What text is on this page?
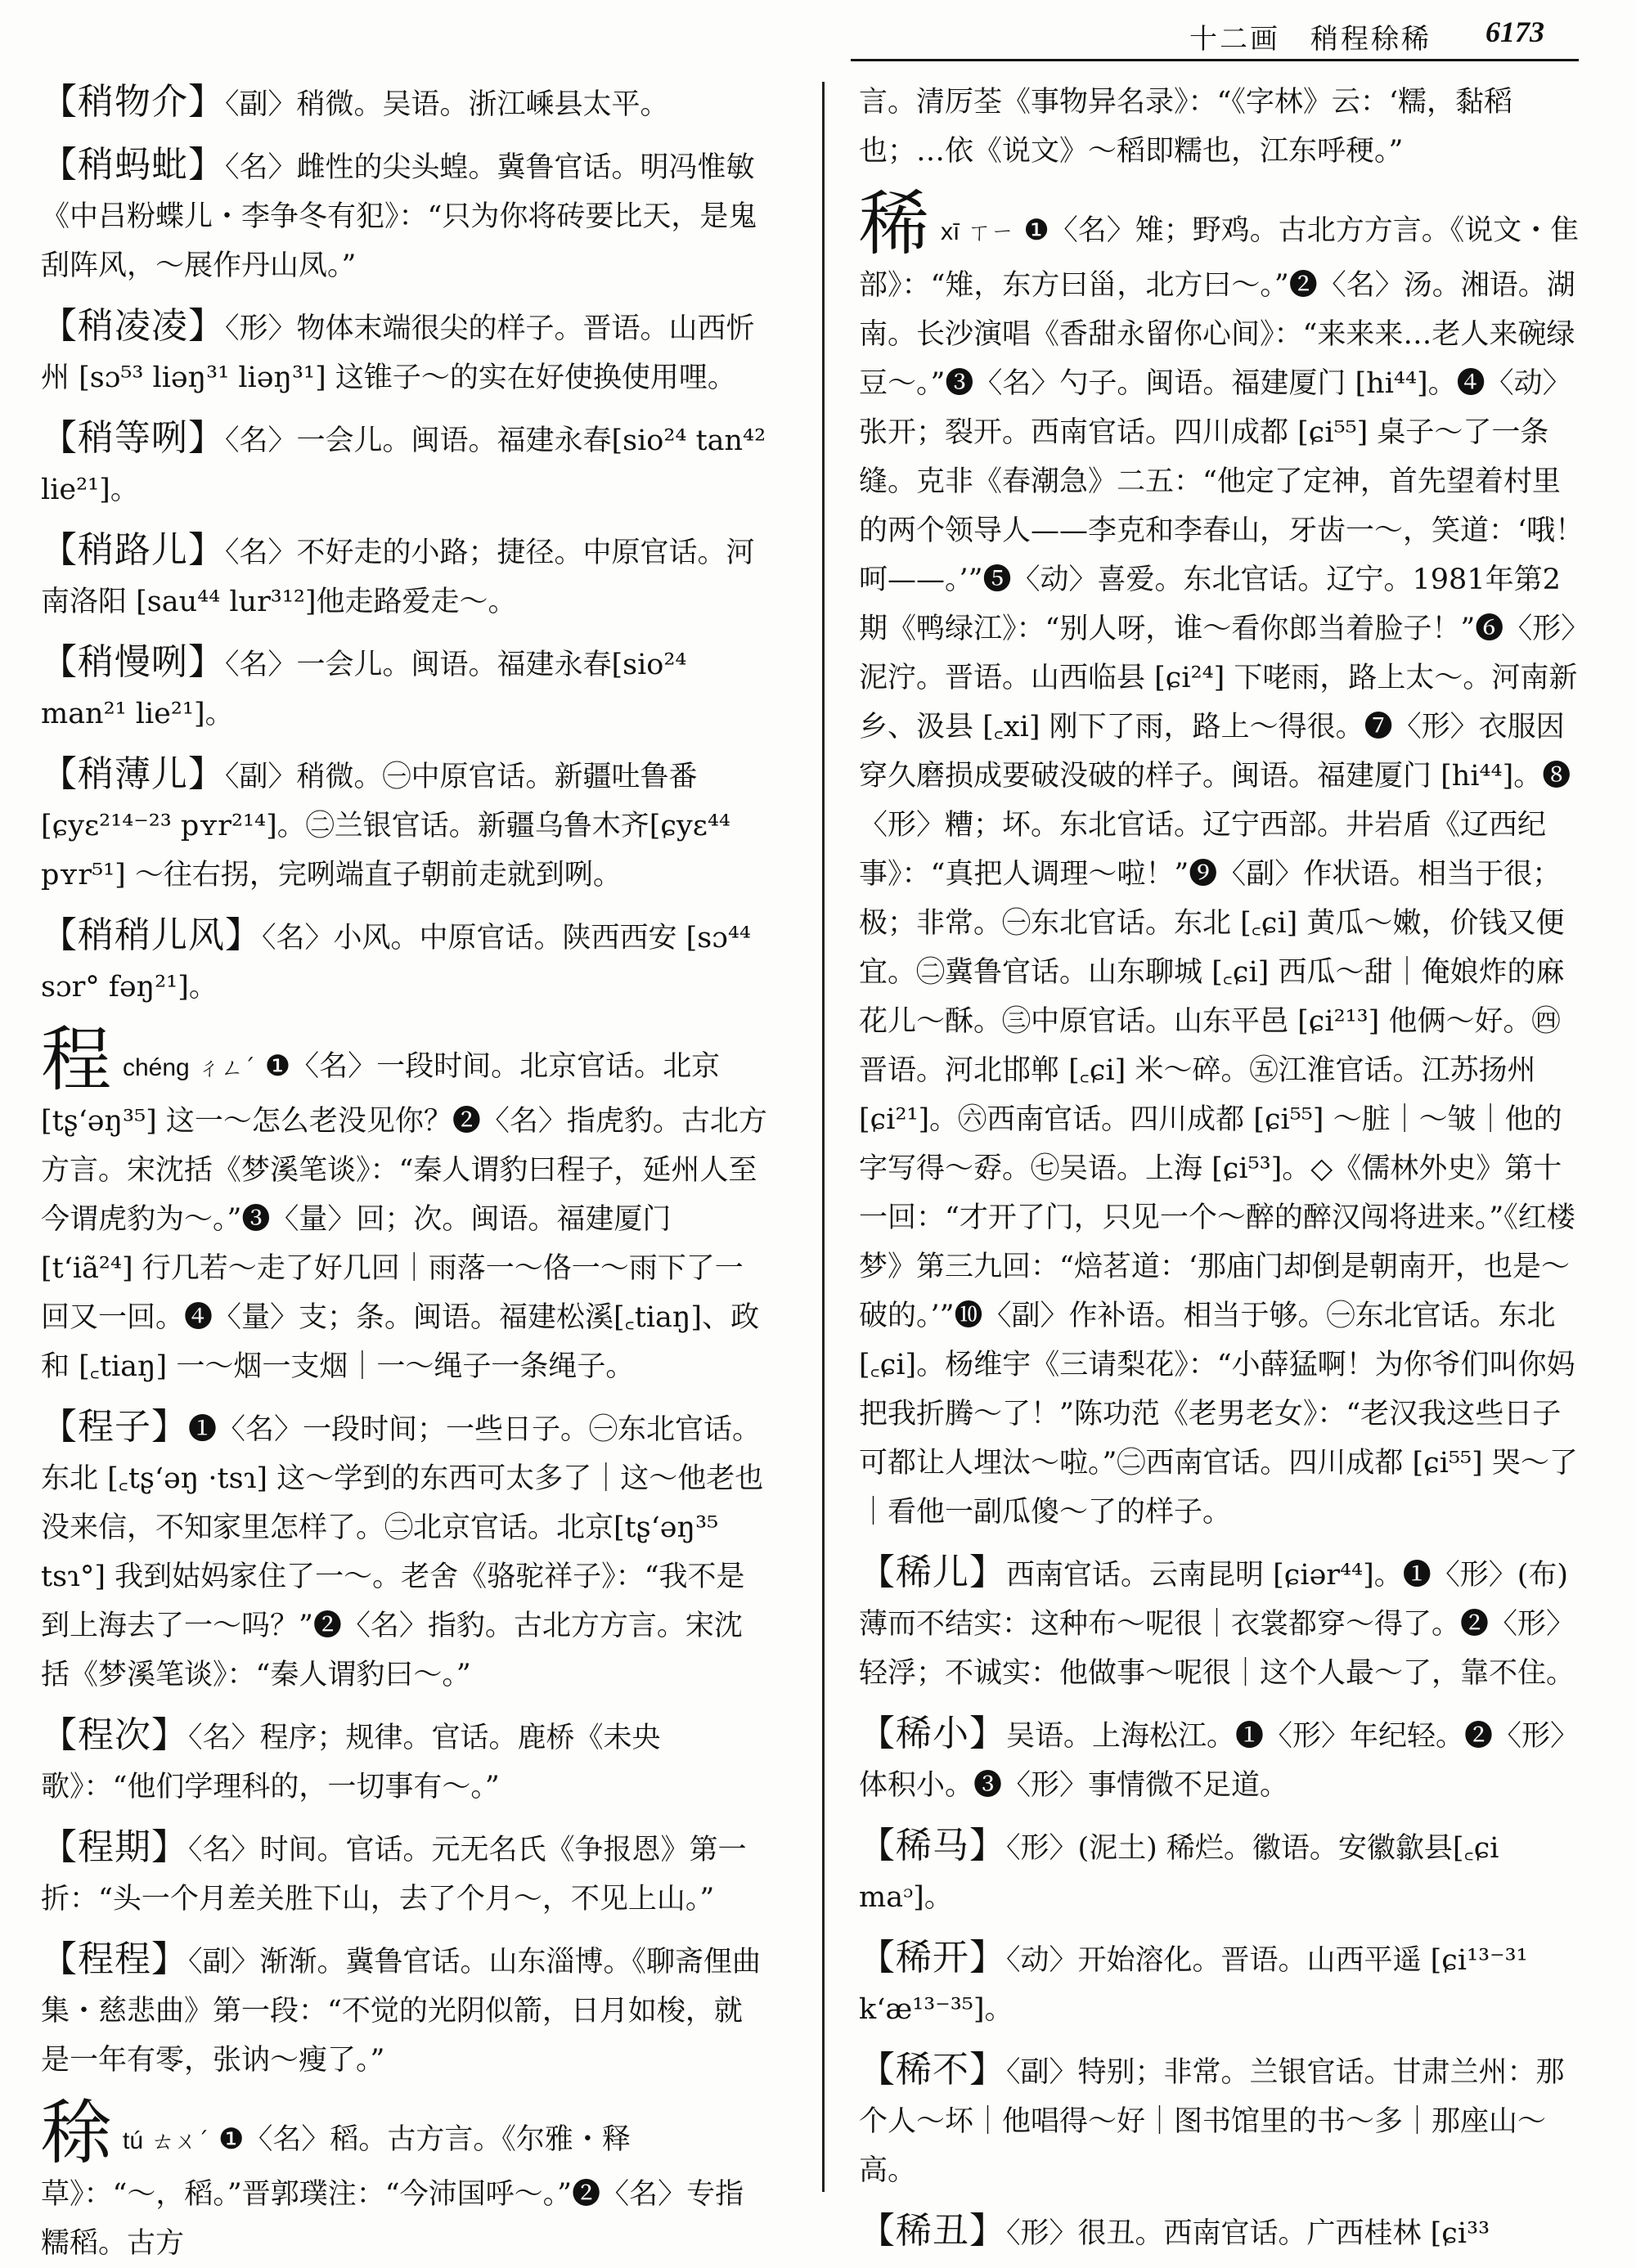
十二画　稍程稌稀 6173
【稍物介】〈副〉稍微。吴语。浙江嵊县太平。
【稍蚂蚍】〈名〉雌性的尖头蝗。冀鲁官话。明冯惟敏《中吕粉蝶儿・李争冬有犯》：“只为你将砖要比天，是鬼刮阵风，～展作丹山凤。”
【稍凌凌】〈形〉物体末端很尖的样子。晋语。山西忻州 [sɔ⁵³ liəŋ³¹ liəŋ³¹] 这锥子～的实在好使换使用哩。
【稍等咧】〈名〉一会儿。闽语。福建永春[sio²⁴ tan⁴² lie²¹]。
【稍路儿】〈名〉不好走的小路；捷径。中原官话。河南洛阳 [sau⁴⁴ lur³¹²]他走路爱走～。
【稍慢咧】〈名〉一会儿。闽语。福建永春[sio²⁴ man²¹ lie²¹]。
【稍薄儿】〈副〉稍微。㊀中原官话。新疆吐鲁番[ɕyɛ²¹⁴⁻²³ pʏr²¹⁴]。㊁兰银官话。新疆乌鲁木齐[ɕyɛ⁴⁴ pʏr⁵¹] ～往右拐，完咧端直子朝前走就到咧。
【稍稍儿风】〈名〉小风。中原官话。陕西西安 [sɔ⁴⁴ sɔr° fəŋ²¹]。
程chéng ㄔㄥˊ ❶〈名〉一段时间。北京官话。北京[tʂʻəŋ³⁵] 这一～怎么老没见你？❷〈名〉指虎豹。古北方方言。宋沈括《梦溪笔谈》：“秦人谓豹曰程子，延州人至今谓虎豹为～。”❸〈量〉回；次。闽语。福建厦门 [tʻiã²⁴] 行几若～走了好几回｜雨落一～佫一～雨下了一回又一回。❹〈量〉支；条。闽语。福建松溪[꜀tiaŋ]、政和 [꜀tiaŋ] 一～烟一支烟｜一～绳子一条绳子。
【程子】❶〈名〉一段时间；一些日子。㊀东北官话。东北 [꜀tʂʻəŋ ·tsɿ] 这～学到的东西可太多了｜这～他老也没来信，不知家里怎样了。㊁北京官话。北京[tʂʻəŋ³⁵ tsɿ°] 我到姑妈家住了一～。老舍《骆驼祥子》：“我不是到上海去了一～吗？”❷〈名〉指豹。古北方方言。宋沈括《梦溪笔谈》：“秦人谓豹曰～。”
【程次】〈名〉程序；规律。官话。鹿桥《未央歌》：“他们学理科的，一切事有～。”
【程期】〈名〉时间。官话。元无名氏《争报恩》第一折：“头一个月差关胜下山，去了个月～，不见上山。”
【程程】〈副〉渐渐。冀鲁官话。山东淄博。《聊斋俚曲集・慈悲曲》第一段：“不觉的光阴似箭，日月如梭，就是一年有零，张讷～瘦了。”
稌tú ㄊㄨˊ ❶〈名〉稻。古方言。《尔雅・释草》：“～，稻。”晋郭璞注：“今沛国呼～。”❷〈名〉专指糯稻。古方
言。清厉荃《事物异名录》：“《字林》云：‘糯，黏稻也；…依《说文》～稻即糯也，江东呼稉。”
稀xī ㄒㄧ ❶〈名〉雉；野鸡。古北方方言。《说文・隹部》：“雉，东方曰甾，北方曰～。”❷〈名〉汤。湘语。湖南。长沙演唱《香甜永留你心间》：“来来来…老人来碗绿豆～。”❸〈名〉勺子。闽语。福建厦门 [hi⁴⁴]。❹〈动〉张开；裂开。西南官话。四川成都 [ɕi⁵⁵] 桌子～了一条缝。克非《春潮急》二五：“他定了定神，首先望着村里的两个领导人——李克和李春山，牙齿一～，笑道：‘哦！呵——。’”❺〈动〉喜爱。东北官话。辽宁。1981年第2期《鸭绿江》：“别人呀，谁～看你郎当着脸子！”❻〈形〉泥泞。晋语。山西临县 [ɕi²⁴] 下咾雨，路上太～。河南新乡、汲县 [꜀xi] 刚下了雨，路上～得很。❼〈形〉衣服因穿久磨损成要破没破的样子。闽语。福建厦门 [hi⁴⁴]。❽〈形〉糟；坏。东北官话。辽宁西部。井岩盾《辽西纪事》：“真把人调理～啦！”❾〈副〉作状语。相当于很；极；非常。㊀东北官话。东北 [꜀ɕi] 黄瓜～嫩，价钱又便宜。㊁冀鲁官话。山东聊城 [꜀ɕi] 西瓜～甜｜俺娘炸的麻花儿～酥。㊂中原官话。山东平邑 [ɕi²¹³] 他俩～好。㊃晋语。河北邯郸 [꜀ɕi] 米～碎。㊄江淮官话。江苏扬州 [ɕi²¹]。㊅西南官话。四川成都 [ɕi⁵⁵] ～脏｜～皱｜他的字写得～孬。㊆吴语。上海 [ɕi⁵³]。◇《儒林外史》第十一回：“才开了门，只见一个～醉的醉汉闯将进来。”《红楼梦》第三九回：“焙茗道：‘那庙门却倒是朝南开，也是～破的。’”❿〈副〉作补语。相当于够。㊀东北官话。东北 [꜀ɕi]。杨维宇《三请梨花》：“小薛猛啊！为你爷们叫你妈把我折腾～了！”陈功范《老男老女》：“老汉我这些日子可都让人埋汰～啦。”㊁西南官话。四川成都 [ɕi⁵⁵] 哭～了｜看他一副瓜傻～了的样子。
【稀儿】西南官话。云南昆明 [ɕiər⁴⁴]。❶〈形〉(布)薄而不结实：这种布～呢很｜衣裳都穿～得了。❷〈形〉轻浮；不诚实：他做事～呢很｜这个人最～了，靠不住。
【稀小】吴语。上海松江。❶〈形〉年纪轻。❷〈形〉体积小。❸〈形〉事情微不足道。
【稀马】〈形〉(泥土) 稀烂。徽语。安徽歙县[꜀ɕi maᵓ]。
【稀开】〈动〉开始溶化。晋语。山西平遥 [ɕi¹³⁻³¹ kʻæ¹³⁻³⁵]。
【稀不】〈副〉特别；非常。兰银官话。甘肃兰州：那个人～坏｜他唱得～好｜图书馆里的书～多｜那座山～高。
【稀丑】〈形〉很丑。西南官话。广西桂林 [ɕi³³
